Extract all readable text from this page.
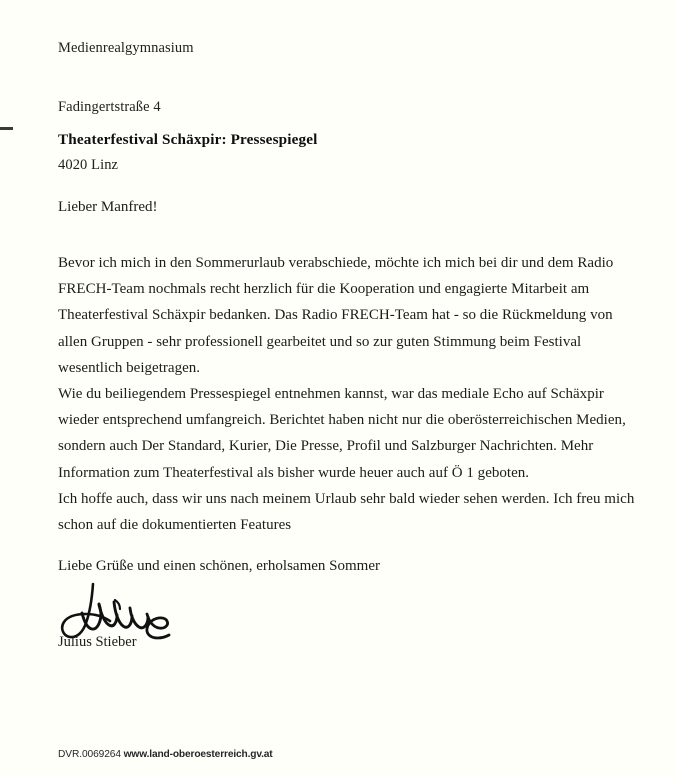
Medienrealgymnasium

Fadingertstraße 4

4020 Linz

Theaterfestival Schäxpir: Pressespiegel
Lieber Manfred!
Bevor ich mich in den Sommerurlaub verabschiede, möchte ich mich bei dir und dem Radio
FRECH-Team nochmals recht herzlich für die Kooperation und engagierte Mitarbeit am
Theaterfestival Schäxpir bedanken. Das Radio FRECH-Team hat - so die Rückmeldung von
allen Gruppen - sehr professionell gearbeitet und so zur guten Stimmung beim Festival
wesentlich beigetragen.
Wie du beiliegendem Pressespiegel entnehmen kannst, war das mediale Echo auf Schäxpir
wieder entsprechend umfangreich. Berichtet haben nicht nur die oberösterreichischen Medien,
sondern auch Der Standard, Kurier, Die Presse, Profil und Salzburger Nachrichten. Mehr
Information zum Theaterfestival als bisher wurde heuer auch auf Ö 1 geboten.
Ich hoffe auch, dass wir uns nach meinem Urlaub sehr bald wieder sehen werden. Ich freu mich
schon auf die dokumentierten Features
Liebe Grüße und einen schönen, erholsamen Sommer
Julius Stieber
DVR.0069264 www.land-oberoesterreich.gv.at
